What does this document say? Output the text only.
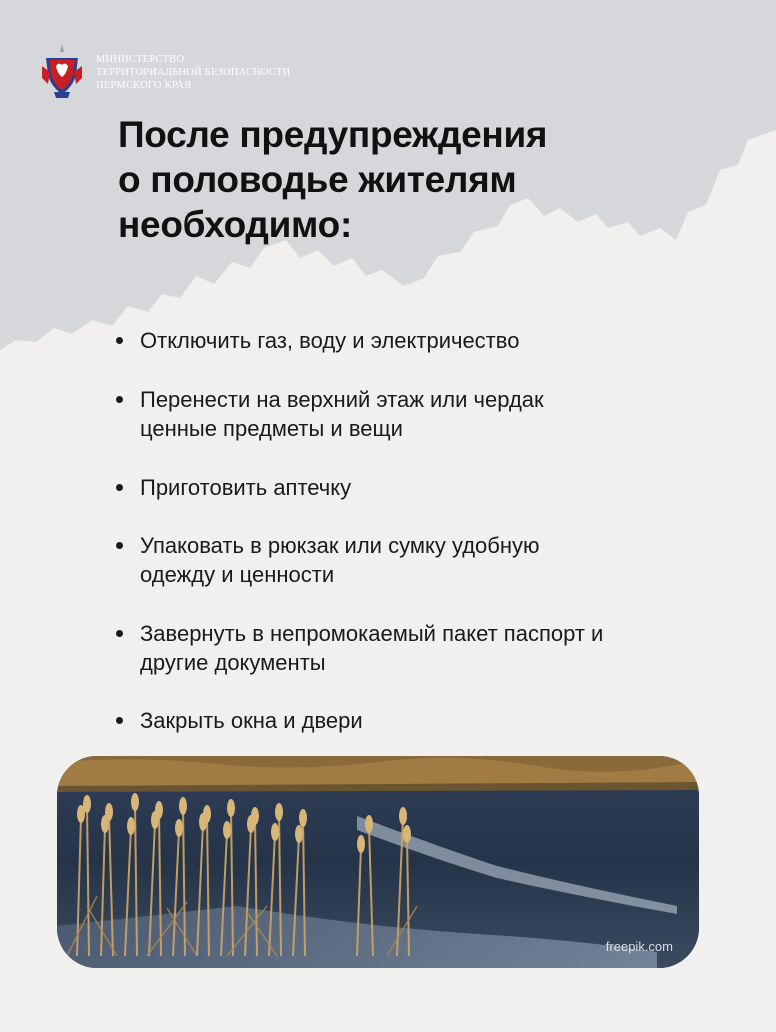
МИНИСТЕРСТВО
ТЕРРИТОРИАЛЬНОЙ БЕЗОПАСНОСТИ
ПЕРМСКОГО КРАЯ
После предупреждения
о половодье жителям
необходимо:
Отключить газ, воду и электричество
Перенести на верхний этаж или чердак
ценные предметы и вещи
Приготовить аптечку
Упаковать в рюкзак или сумку удобную
одежду и ценности
Завернуть в непромокаемый пакет паспорт и
другие документы
Закрыть окна и двери
freepik.com
